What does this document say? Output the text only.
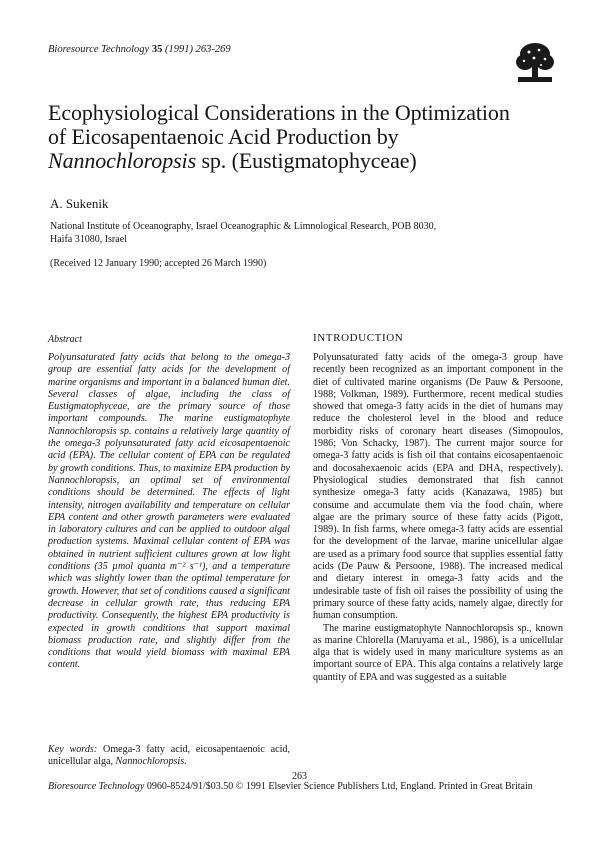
Bioresource Technology 35 (1991) 263-269
Ecophysiological Considerations in the Optimization
of Eicosapentaenoic Acid Production by
Nannochloropsis sp. (Eustigmatophyceae)
A. Sukenik
National Institute of Oceanography, Israel Oceanographic & Limnological Research, POB 8030,
Haifa 31080, Israel
(Received 12 January 1990; accepted 26 March 1990)
Abstract

Polyunsaturated fatty acids that belong to the omega-3 group are essential fatty acids for the development of marine organisms and important in a balanced human diet. Several classes of algae, including the class of Eustigmatophyceae, are the primary source of those important compounds. The marine eustigmatophyte Nannochloropsis sp. contains a relatively large quantity of the omega-3 polyunsaturated fatty acid eicosapentaenoic acid (EPA). The cellular content of EPA can be regulated by growth conditions. Thus, to maximize EPA production by Nannochloropsis, an optimal set of environmental conditions should be determined. The effects of light intensity, nitrogen availability and temperature on cellular EPA content and other growth parameters were evaluated in laboratory cultures and can be applied to outdoor algal production systems. Maximal cellular content of EPA was obtained in nutrient sufficient cultures grown at low light conditions (35 µmol quanta m⁻² s⁻¹), and a temperature which was slightly lower than the optimal temperature for growth. However, that set of conditions caused a significant decrease in cellular growth rate, thus reducing EPA productivity. Consequently, the highest EPA productivity is expected in growth conditions that support maximal biomass production rate, and slightly differ from the conditions that would yield biomass with maximal EPA content.

Key words: Omega-3 fatty acid, eicosapentaenoic acid, unicellular alga, Nannochloropsis.
INTRODUCTION

Polyunsaturated fatty acids of the omega-3 group have recently been recognized as an important component in the diet of cultivated marine organisms (De Pauw & Persoone, 1988; Volkman, 1989). Furthermore, recent medical studies showed that omega-3 fatty acids in the diet of humans may reduce the cholesterol level in the blood and reduce morbidity risks of coronary heart diseases (Simopoulos, 1986; Von Schacky, 1987). The current major source for omega-3 fatty acids is fish oil that contains eicosapentaenoic and docosahexaenoic acids (EPA and DHA, respectively). Physiological studies demonstrated that fish cannot synthesize omega-3 fatty acids (Kanazawa, 1985) but consume and accumulate them via the food chain, where algae are the primary source of these fatty acids (Pigott, 1989). In fish farms, where omega-3 fatty acids are essential for the development of the larvae, marine unicellular algae are used as a primary food source that supplies essential fatty acids (De Pauw & Persoone, 1988). The increased medical and dietary interest in omega-3 fatty acids and the undesirable taste of fish oil raises the possibility of using the primary source of these fatty acids, namely algae, directly for human consumption.

The marine eustigmatophyte Nannochloropsis sp., known as marine Chlorella (Maruyama et al., 1986), is a unicellular alga that is widely used in many mariculture systems as an important source of EPA. This alga contains a relatively large quantity of EPA and was suggested as a suitable

263
Bioresource Technology 0960-8524/91/$03.50 © 1991 Elsevier Science Publishers Ltd, England. Printed in Great Britain
